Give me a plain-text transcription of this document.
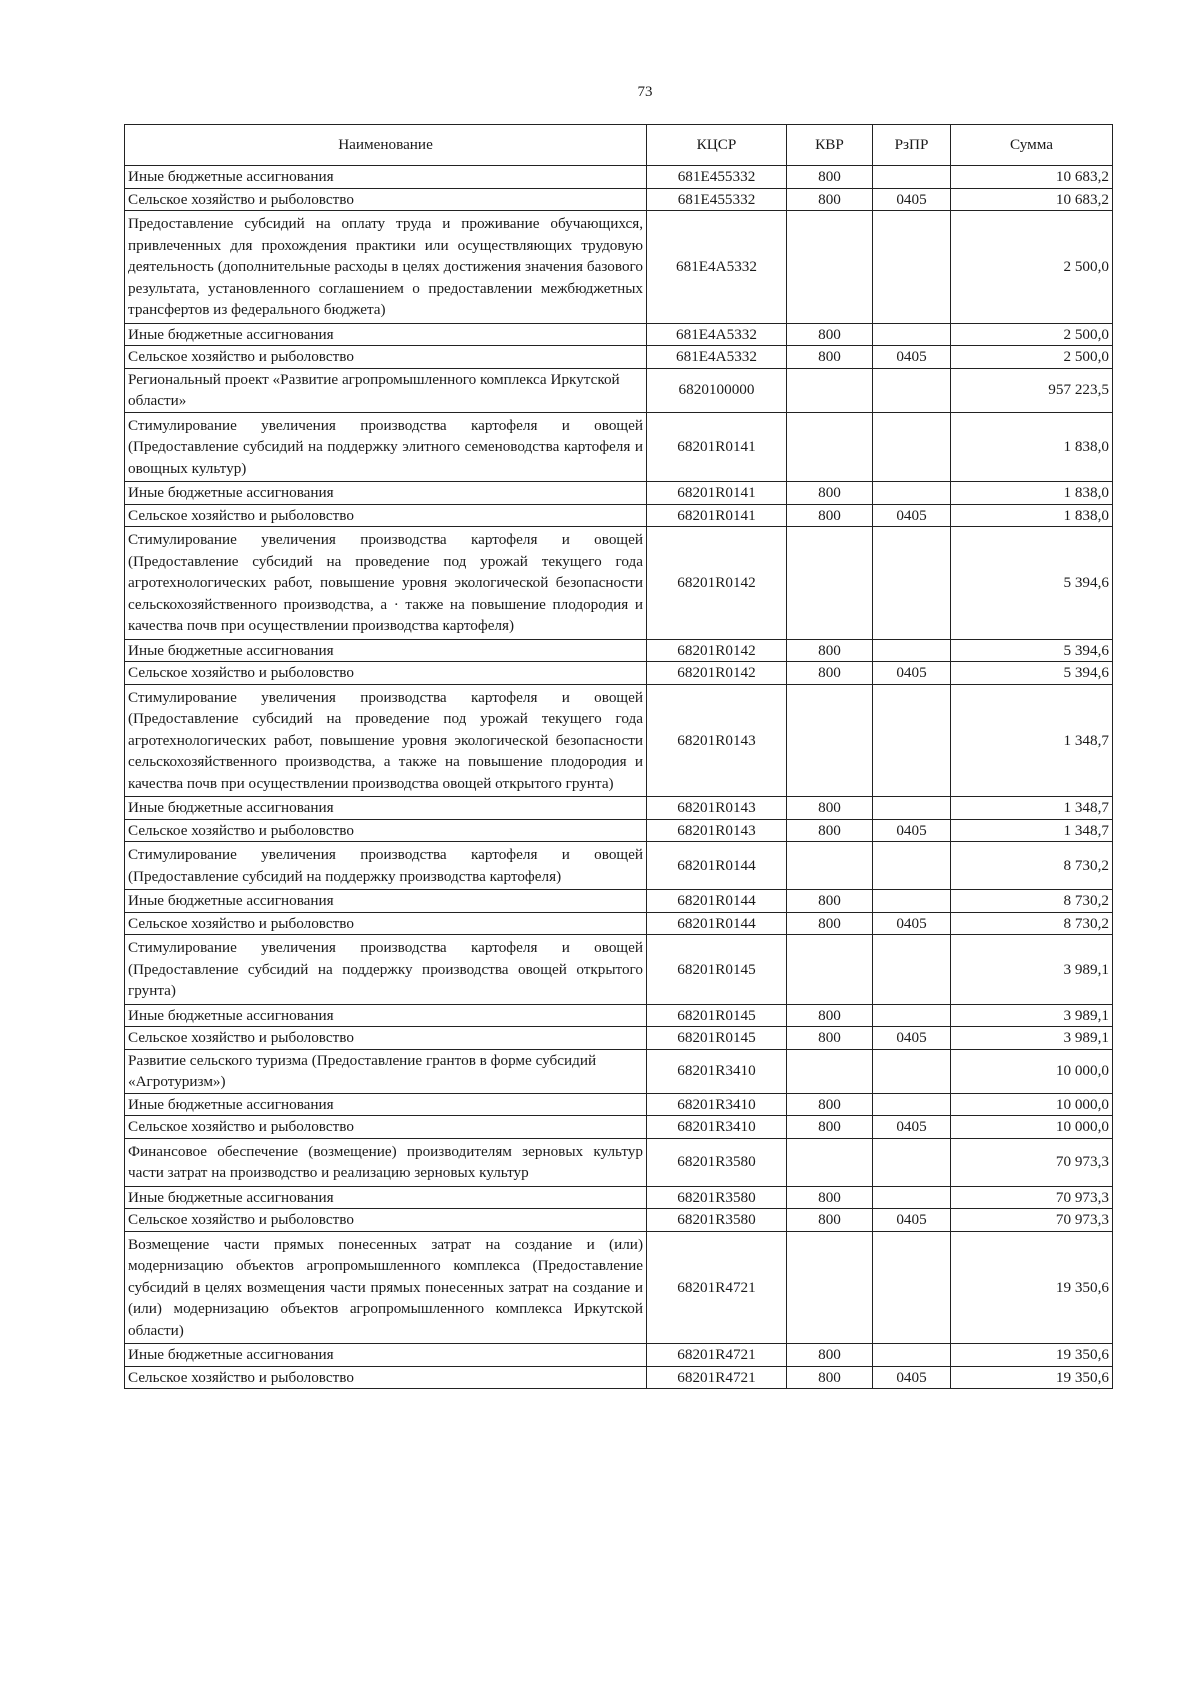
73
Наименование	КЦСР	КВР	РзПР	Сумма
Иные бюджетные ассигнования	681Е455332	800		10 683,2
Сельское хозяйство и рыболовство	681Е455332	800	0405	10 683,2
Предоставление субсидий на оплату труда и проживание обучающихся, привлеченных для прохождения практики или осуществляющих трудовую деятельность (дополнительные расходы в целях достижения значения базового результата, установленного соглашением о предоставлении межбюджетных трансфертов из федерального бюджета)	681Е4А5332			2 500,0
Иные бюджетные ассигнования	681Е4А5332	800		2 500,0
Сельское хозяйство и рыболовство	681Е4А5332	800	0405	2 500,0
Региональный проект «Развитие агропромышленного комплекса Иркутской области»	6820100000			957 223,5
Стимулирование увеличения производства картофеля и овощей (Предоставление субсидий на поддержку элитного семеноводства картофеля и овощных культур)	68201R0141			1 838,0
Иные бюджетные ассигнования	68201R0141	800		1 838,0
Сельское хозяйство и рыболовство	68201R0141	800	0405	1 838,0
Стимулирование увеличения производства картофеля и овощей (Предоставление субсидий на проведение под урожай текущего года агротехнологических работ, повышение уровня экологической безопасности сельскохозяйственного производства, а · также на повышение плодородия и качества почв при осуществлении производства картофеля)	68201R0142			5 394,6
Иные бюджетные ассигнования	68201R0142	800		5 394,6
Сельское хозяйство и рыболовство	68201R0142	800	0405	5 394,6
Стимулирование увеличения производства картофеля и овощей (Предоставление субсидий на проведение под урожай текущего года агротехнологических работ, повышение уровня экологической безопасности сельскохозяйственного производства, а также на повышение плодородия и качества почв при осуществлении производства овощей открытого грунта)	68201R0143			1 348,7
Иные бюджетные ассигнования	68201R0143	800		1 348,7
Сельское хозяйство и рыболовство	68201R0143	800	0405	1 348,7
Стимулирование увеличения производства картофеля и овощей (Предоставление субсидий на поддержку производства картофеля)	68201R0144			8 730,2
Иные бюджетные ассигнования	68201R0144	800		8 730,2
Сельское хозяйство и рыболовство	68201R0144	800	0405	8 730,2
Стимулирование увеличения производства картофеля и овощей (Предоставление субсидий на поддержку производства овощей открытого грунта)	68201R0145			3 989,1
Иные бюджетные ассигнования	68201R0145	800		3 989,1
Сельское хозяйство и рыболовство	68201R0145	800	0405	3 989,1
Развитие сельского туризма (Предоставление грантов в форме субсидий «Агротуризм»)	68201R3410			10 000,0
Иные бюджетные ассигнования	68201R3410	800		10 000,0
Сельское хозяйство и рыболовство	68201R3410	800	0405	10 000,0
Финансовое обеспечение (возмещение) производителям зерновых культур части затрат на производство и реализацию зерновых культур	68201R3580			70 973,3
Иные бюджетные ассигнования	68201R3580	800		70 973,3
Сельское хозяйство и рыболовство	68201R3580	800	0405	70 973,3
Возмещение части прямых понесенных затрат на создание и (или) модернизацию объектов агропромышленного комплекса (Предоставление субсидий в целях возмещения части прямых понесенных затрат на создание и (или) модернизацию объектов агропромышленного комплекса Иркутской области)	68201R4721			19 350,6
Иные бюджетные ассигнования	68201R4721	800		19 350,6
Сельское хозяйство и рыболовство	68201R4721	800	0405	19 350,6
